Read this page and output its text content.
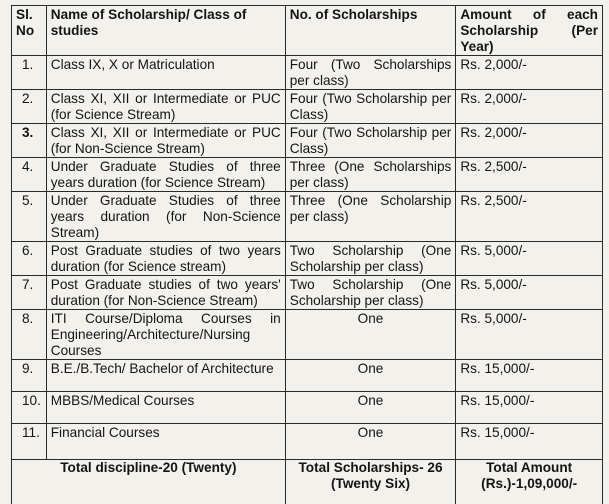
Sl. No	Name of Scholarship/ Class of studies	No. of Scholarships	Amount of each Scholarship (Per Year)
1.	Class IX, X or Matriculation	Four (Two Scholarships per class)	Rs. 2,000/-
2.	Class XI, XII or Intermediate or PUC (for Science Stream)	Four (Two Scholarship per Class)	Rs. 2,000/-
3.	Class XI, XII or Intermediate or PUC (for Non-Science Stream)	Four (Two Scholarship per Class)	Rs. 2,000/-
4.	Under Graduate Studies of three years duration (for Science Stream)	Three (One Scholarships per class)	Rs. 2,500/-
5.	Under Graduate Studies of three years duration (for Non-Science Stream)	Three (One Scholarship per class)	Rs. 2,500/-
6.	Post Graduate studies of two years duration (for Science stream)	Two Scholarship (One Scholarship per class)	Rs. 5,000/-
7.	Post Graduate studies of two years' duration (for Non-Science Stream)	Two Scholarship (One Scholarship per class)	Rs. 5,000/-
8.	ITI Course/Diploma Courses in Engineering/Architecture/Nursing Courses	One	Rs. 5,000/-
9.	B.E./B.Tech/ Bachelor of Architecture	One	Rs. 15,000/-
10.	MBBS/Medical Courses	One	Rs. 15,000/-
11.	Financial Courses	One	Rs. 15,000/-
Total discipline-20 (Twenty)		Total Scholarships- 26 (Twenty Six)	Total Amount (Rs.)-1,09,000/-
